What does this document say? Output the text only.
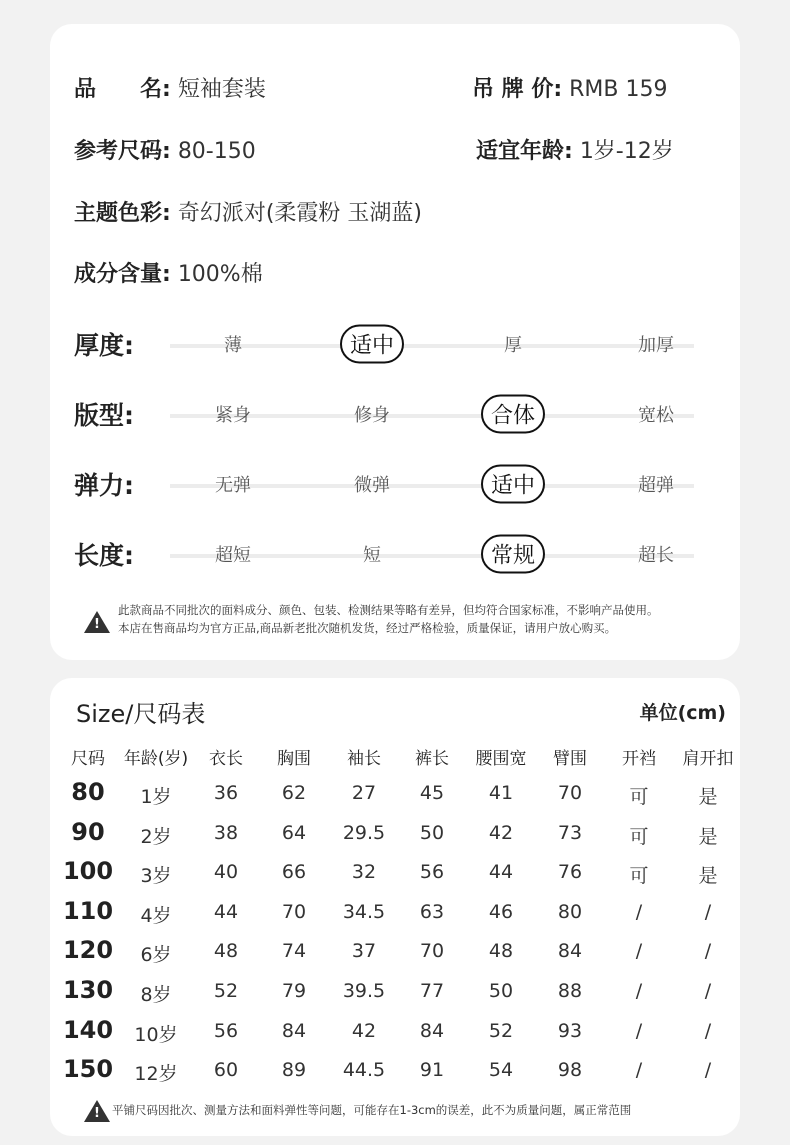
品　　名: 短袖套装	吊 牌 价: RMB 159
参考尺码: 80-150	适宜年龄: 1岁-12岁
主题色彩: 奇幻派对(柔霞粉 玉湖蓝)
成分含量: 100%棉
厚度:	薄	适中	厚	加厚
版型:	紧身	修身	合体	宽松
弹力:	无弹	微弹	适中	超弹
长度:	超短	短	常规	超长
!
此款商品不同批次的面料成分、颜色、包装、检测结果等略有差异，但均符合国家标准，不影响产品使用。
本店在售商品均为官方正品,商品新老批次随机发货，经过严格检验，质量保证，请用户放心购买。
Size/尺码表	单位(cm)
尺码 年龄(岁) 衣长 胸围 袖长 裤长 腰围宽 臂围 开裆 肩开扣
80 1岁 36 62 27 45 41 70 可	是
90 2岁 38 64 29.5 50 42 73 可	是
100 3岁 40 66 32 56 44 76 可	是
110 4岁 44 70 34.5 63 46 80	/	/
120 6岁 48 74 37 70 48 84	/	/
130 8岁 52 79 39.5 77 50 88	/	/
140 10岁 56 84 42 84 52 93	/	/
150 12岁 60 89 44.5 91 54 98	/	/
! 平铺尺码因批次、测量方法和面料弹性等问题，可能存在1-3cm的误差，此不为质量问题，属正常范围
